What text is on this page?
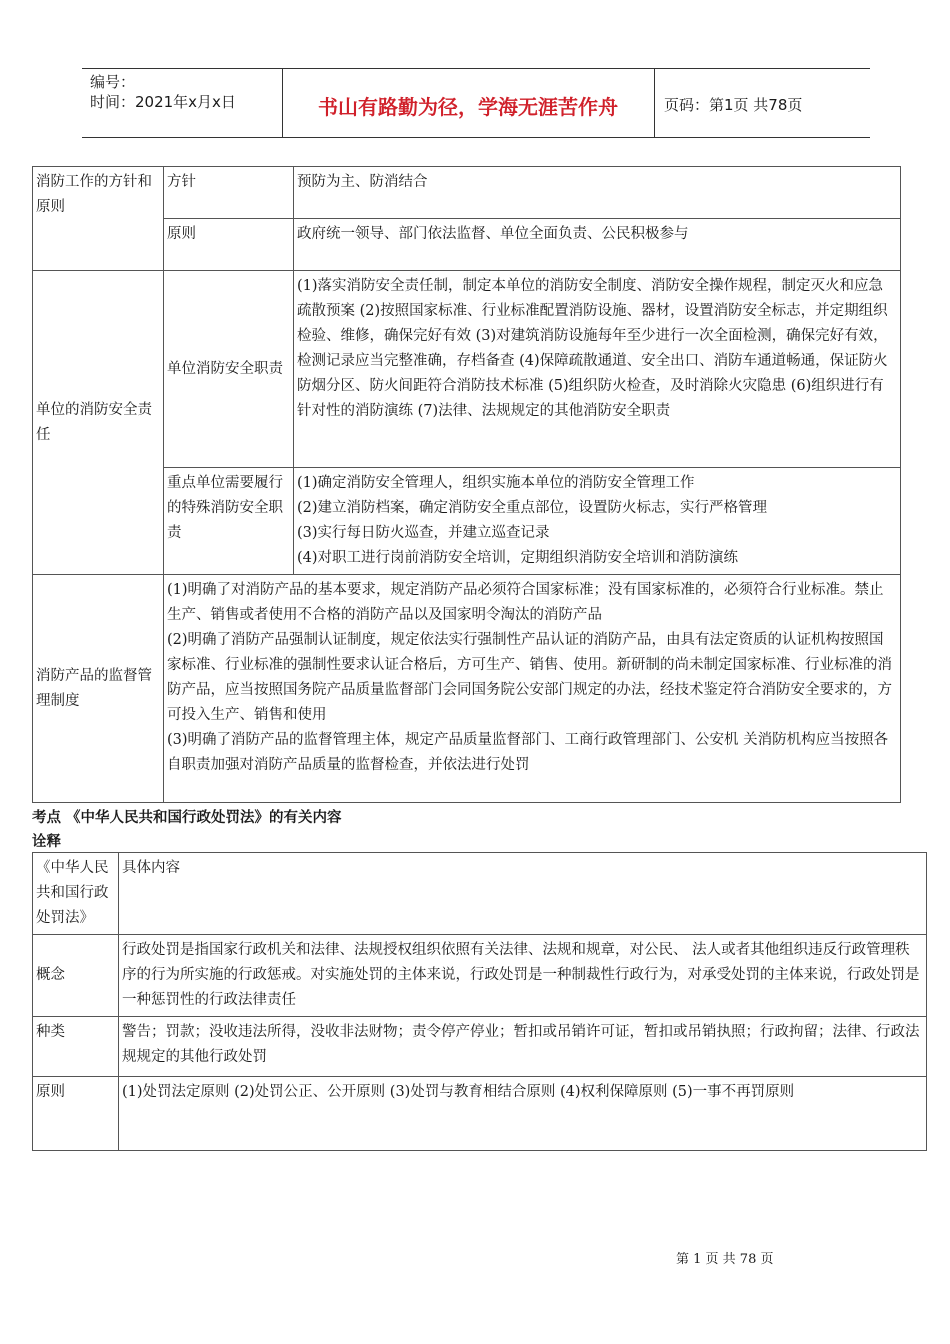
编号：
时间：2021年x月x日	书山有路勤为径，学海无涯苦作舟	页码：第1页 共78页
消防工作的方针和原则	方针	预防为主、防消结合
	原则	政府统一领导、部门依法监督、单位全面负责、公民积极参与
单位的消防安全责任	单位消防安全职责	(1)落实消防安全责任制，制定本单位的消防安全制度、消防安全操作规程，制定灭火和应急疏散预案 (2)按照国家标准、行业标准配置消防设施、器材，设置消防安全标志，并定期组织检验、维修，确保完好有效 (3)对建筑消防设施每年至少进行一次全面检测，确保完好有效，检测记录应当完整准确，存档备查 (4)保障疏散通道、安全出口、消防车通道畅通，保证防火防烟分区、防火间距符合消防技术标准 (5)组织防火检查，及时消除火灾隐患 (6)组织进行有针对性的消防演练 (7)法律、法规规定的其他消防安全职责
	重点单位需要履行的特殊消防安全职责	(1)确定消防安全管理人，组织实施本单位的消防安全管理工作
(2)建立消防档案，确定消防安全重点部位，设置防火标志，实行严格管理
(3)实行每日防火巡查，并建立巡查记录
(4)对职工进行岗前消防安全培训，定期组织消防安全培训和消防演练

消防产品的监督管理制度	(1)明确了对消防产品的基本要求，规定消防产品必须符合国家标准；没有国家标准的，必须符合行业标准。禁止生产、销售或者使用不合格的消防产品以及国家明令淘汰的消防产品
(2)明确了消防产品强制认证制度，规定依法实行强制性产品认证的消防产品，由具有法定资质的认证机构按照国家标准、行业标准的强制性要求认证合格后，方可生产、销售、使用。新研制的尚未制定国家标准、行业标准的消防产品，应当按照国务院产品质量监督部门会同国务院公安部门规定的办法，经技术鉴定符合消防安全要求的，方可投入生产、销售和使用
(3)明确了消防产品的监督管理主体，规定产品质量监督部门、工商行政管理部门、公安机 关消防机构应当按照各自职责加强对消防产品质量的监督检查，并依法进行处罚	
考点 《中华人民共和国行政处罚法》的有关内容
诠释
《中华人民共和国行政处罚法》	具体内容
概念	行政处罚是指国家行政机关和法律、法规授权组织依照有关法律、法规和规章，对公民、 法人或者其他组织违反行政管理秩序的行为所实施的行政惩戒。对实施处罚的主体来说，行政处罚是一种制裁性行政行为，对承受处罚的主体来说，行政处罚是一种惩罚性的行政法律责任
种类	警告；罚款；没收违法所得，没收非法财物；责令停产停业；暂扣或吊销许可证，暂扣或吊销执照；行政拘留；法律、行政法规规定的其他行政处罚
原则	(1)处罚法定原则 (2)处罚公正、公开原则 (3)处罚与教育相结合原则 (4)权利保障原则 (5)一事不再罚原则
第 1 页 共 78 页
